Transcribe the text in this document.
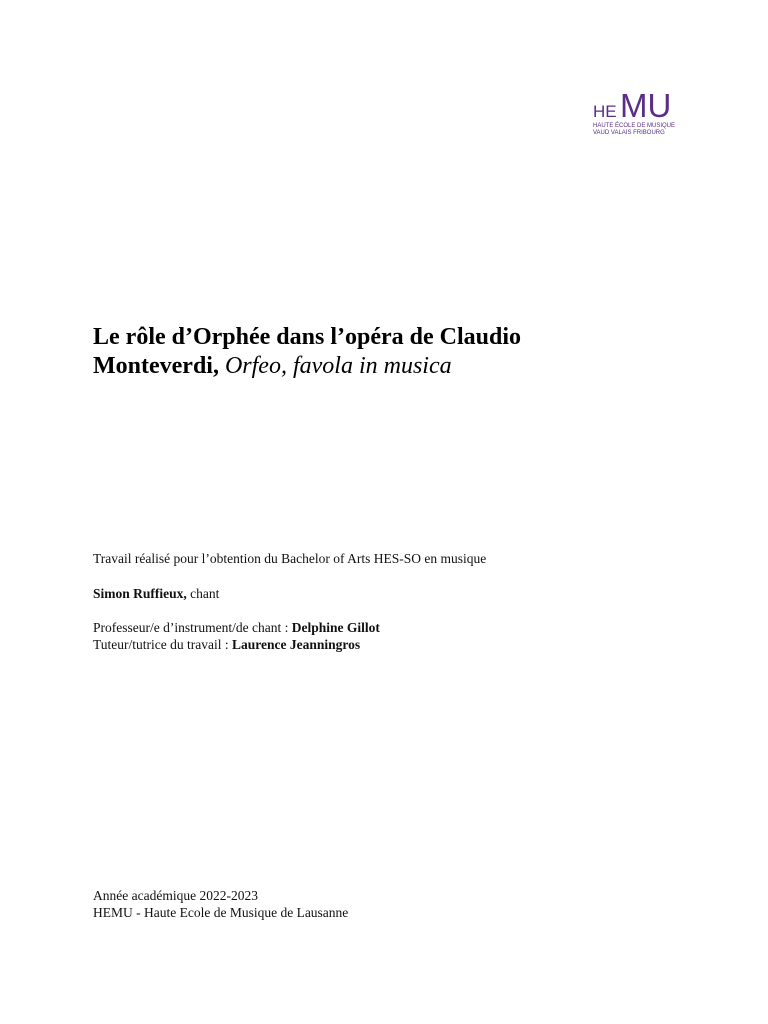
HE MU
HAUTE ÉCOLE DE MUSIQUE
VAUD VALAIS FRIBOURG
Le rôle d’Orphée dans l’opéra de Claudio
Monteverdi, Orfeo, favola in musica
Travail réalisé pour l’obtention du Bachelor of Arts HES-SO en musique
Simon Ruffieux, chant
Professeur/e d’instrument/de chant : Delphine Gillot
Tuteur/tutrice du travail : Laurence Jeanningros
Année académique 2022-2023
HEMU - Haute Ecole de Musique de Lausanne
